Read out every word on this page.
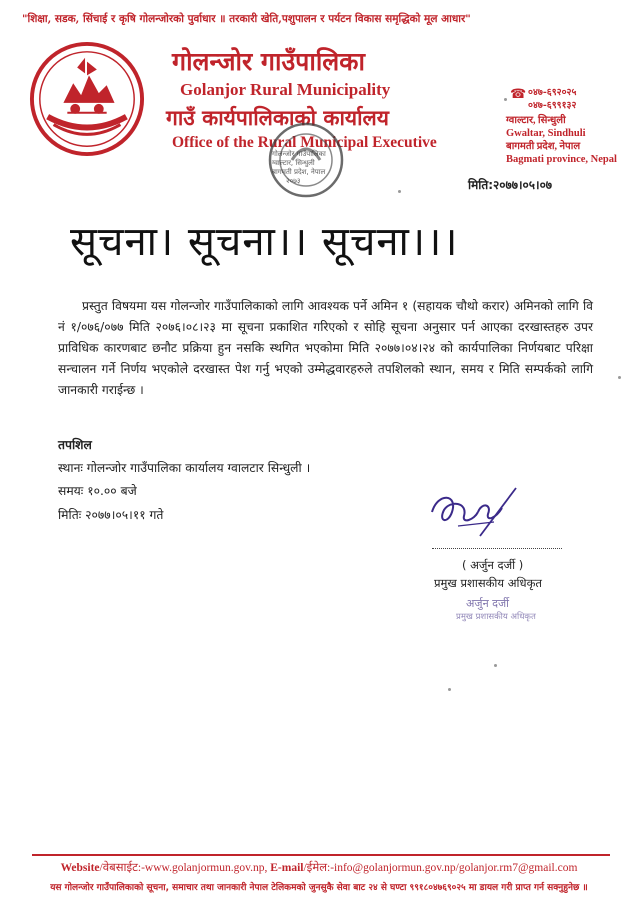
"शिक्षा, सडक, सिंचाई र कृषि गोलन्जोरको पुर्वाधार ॥ तरकारी खेति,पशुपालन र पर्यटन विकास समृद्धिको मूल आधार"
गोलन्जोर गाउँपालिका
Golanjor Rural Municipality
गाउँ कार्यपालिकाको कार्यालय
Office of the Rural Municipal Executive
☎ ०४७-६९२०२५
०४७-६९९१३२
ग्वाल्टार, सिन्धुली
Gwaltar, Sindhuli
बागमती प्रदेश, नेपाल
Bagmati province, Nepal
गोलन्जोर गाउँपालिका
ग्वाल्टार, सिन्धुली
बागमती प्रदेश, नेपाल
२०७३	मिति:२०७७।०५।०७
सूचना। सूचना।। सूचना।।।
प्रस्तुत विषयमा यस गोलन्जोर गाउँपालिकाको लागि आवश्यक पर्ने अमिन १ (सहायक चौथो करार) अमिनको लागि वि नं १/०७६/०७७ मिति २०७६।०८।२३ मा सूचना प्रकाशित गरिएको र सोहि सूचना अनुसार पर्न आएका दरखास्तहरु उपर प्राविधिक कारणबाट छनौट प्रक्रिया हुन नसकि स्थगित भएकोमा मिति २०७७।०४।२४ को कार्यपालिका निर्णयबाट परिक्षा सन्चालन गर्ने निर्णय भएकोले दरखास्त पेश गर्नु भएको उम्मेद्धवारहरुले तपशिलको स्थान, समय र मिति सम्पर्कको लागि जानकारी गराईन्छ ।
तपशिल
स्थानः गोलन्जोर गाउँपालिका कार्यालय ग्वालटार सिन्धुली ।
समयः १०.०० बजे
मितिः २०७७।०५।११ गते
( अर्जुन दर्जी )
प्रमुख प्रशासकीय अधिकृत
अर्जुन दर्जी
प्रमुख प्रशासकीय अधिकृत
Website/वेबसाईट:-www.golanjormun.gov.np, E-mail/ईमेल:-info@golanjormun.gov.np/golanjor.rm7@gmail.com
यस गोलन्जोर गाउँपालिकाको सूचना, समाचार तथा जानकारी नेपाल टेलिकमको जुनसुकै सेवा बाट २४ से घण्टा ९९१८०४७६९०२५ मा डायल गरी प्राप्त गर्न सक्नुहुनेछ ॥
